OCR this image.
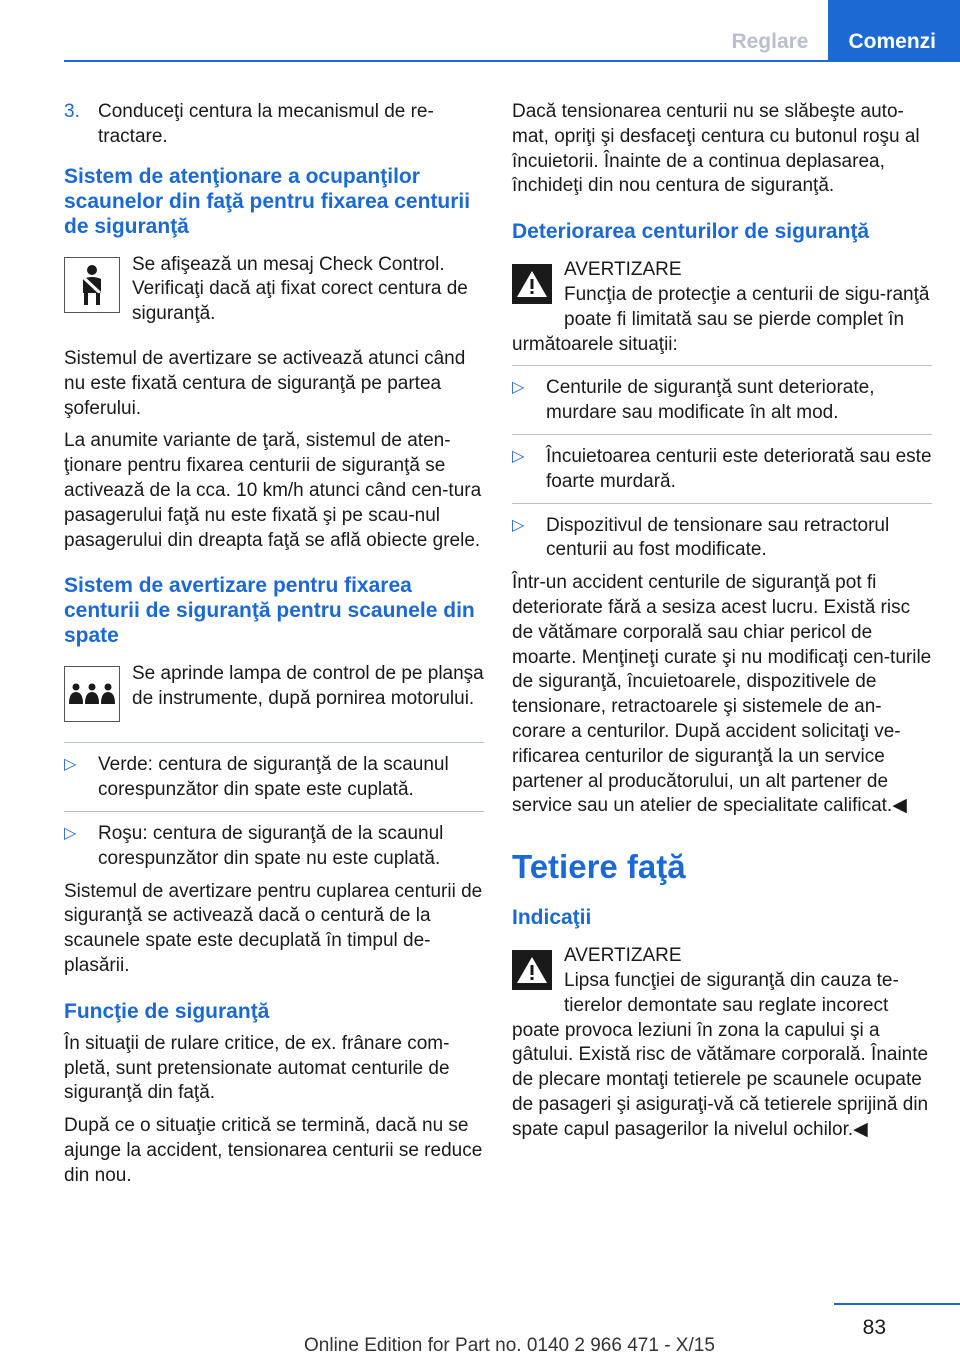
Reglare	Comenzi
3. Conduceţi centura la mecanismul de re‐tractare.
Sistem de atenţionare a ocupanţilor scaunelor din faţă pentru fixarea centurii de siguranţă
Se afişează un mesaj Check Control. Verificaţi dacă aţi fixat corect centura de siguranţă.

Sistemul de avertizare se activează atunci când nu este fixată centura de siguranţă pe partea şoferului.

La anumite variante de ţară, sistemul de aten‐ţionare pentru fixarea centurii de siguranţă se activează de la cca. 10 km/h atunci când cen‐tura pasagerului faţă nu este fixată şi pe scau‐nul pasagerului din dreapta faţă se află obiecte grele.

Sistem de avertizare pentru fixarea centurii de siguranţă pentru scaunele din spate
Se aprinde lampa de control de pe planşa de instrumente, după pornirea motorului.
▷	Verde: centura de siguranţă de la scaunul corespunzător din spate este cuplată.
▷	Roşu: centura de siguranţă de la scaunul corespunzător din spate nu este cuplată.

Sistemul de avertizare pentru cuplarea centurii de siguranţă se activează dacă o centură de la scaunele spate este decuplată în timpul de‐plasării.

Funcţie de siguranţă

În situaţii de rulare critice, de ex. frânare com‐pletă, sunt pretensionate automat centurile de siguranţă din faţă.

După ce o situaţie critică se termină, dacă nu se ajunge la accident, tensionarea centurii se reduce din nou.

Dacă tensionarea centurii nu se slăbeşte auto‐mat, opriţi şi desfaceţi centura cu butonul roşu al încuietorii. Înainte de a continua deplasarea, închideţi din nou centura de siguranţă.

Deteriorarea centurilor de siguranţă
AVERTIZARE
Funcţia de protecţie a centurii de sigu‐ranţă poate fi limitată sau se pierde complet în următoarele situaţii:
▷	Centurile de siguranţă sunt deteriorate, murdare sau modificate în alt mod.
▷	Încuietoarea centurii este deteriorată sau este foarte murdară.
▷	Dispozitivul de tensionare sau retractorul centurii au fost modificate.

Într-un accident centurile de siguranţă pot fi deteriorate fără a sesiza acest lucru. Există risc de vătămare corporală sau chiar pericol de moarte. Menţineţi curate şi nu modificaţi cen‐turile de siguranţă, încuietoarele, dispozitivele de tensionare, retractoarele şi sistemele de an‐corare a centurilor. După accident solicitaţi ve‐rificarea centurilor de siguranţă la un service partener al producătorului, un alt partener de service sau un atelier de specialitate calificat.◀

Tetiere faţă
Indicaţii
AVERTIZARE
Lipsa funcţiei de siguranţă din cauza te‐tierelor demontate sau reglate incorect poate provoca leziuni în zona la capului şi a gâtului. Există risc de vătămare corporală. Înainte de plecare montaţi tetierele pe scaunele ocupate de pasageri şi asiguraţi-vă că tetierele sprijină din spate capul pasagerilor la nivelul ochilor.◀
83
Online Edition for Part no. 0140 2 966 471 - X/15
